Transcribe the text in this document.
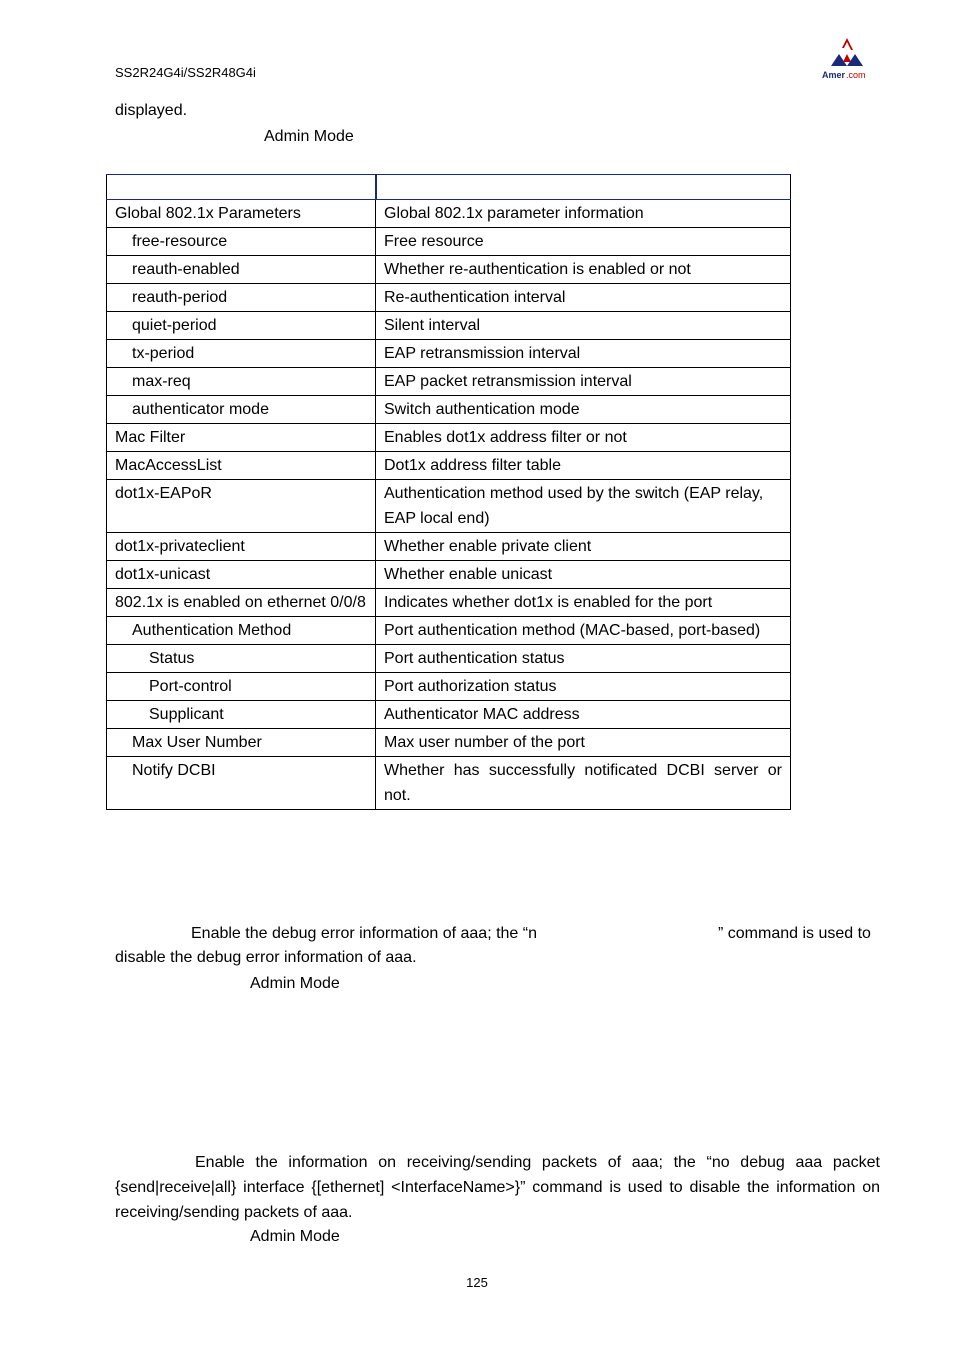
SS2R24G4i/SS2R48G4i	Amer .com
displayed.
Admin Mode

Global 802.1x Parameters	Global 802.1x parameter information
free-resource	Free resource
reauth-enabled	Whether re-authentication is enabled or not
reauth-period	Re-authentication interval
quiet-period	Silent interval
tx-period	EAP retransmission interval
max-req	EAP packet retransmission interval
authenticator mode	Switch authentication mode
Mac Filter	Enables dot1x address filter or not
MacAccessList	Dot1x address filter table
dot1x-EAPoR	Authentication method used by the switch (EAP relay, EAP local end)
dot1x-privateclient	Whether enable private client
dot1x-unicast	Whether enable unicast
802.1x is enabled on ethernet 0/0/8	Indicates whether dot1x is enabled for the port
Authentication Method	Port authentication method (MAC-based, port-based)
Status	Port authentication status
Port-control	Port authorization status
Supplicant	Authenticator MAC address
Max User Number	Max user number of the port
Notify DCBI	Whether has successfully notificated DCBI server or not.
Enable the debug error information of aaa; the “n	” command is used to
disable the debug error information of aaa.
Admin Mode
Enable the information on receiving/sending packets of aaa; the “no debug aaa packet {send|receive|all} interface {[ethernet] <InterfaceName>}” command is used to disable the information on receiving/sending packets of aaa.
Admin Mode
125
